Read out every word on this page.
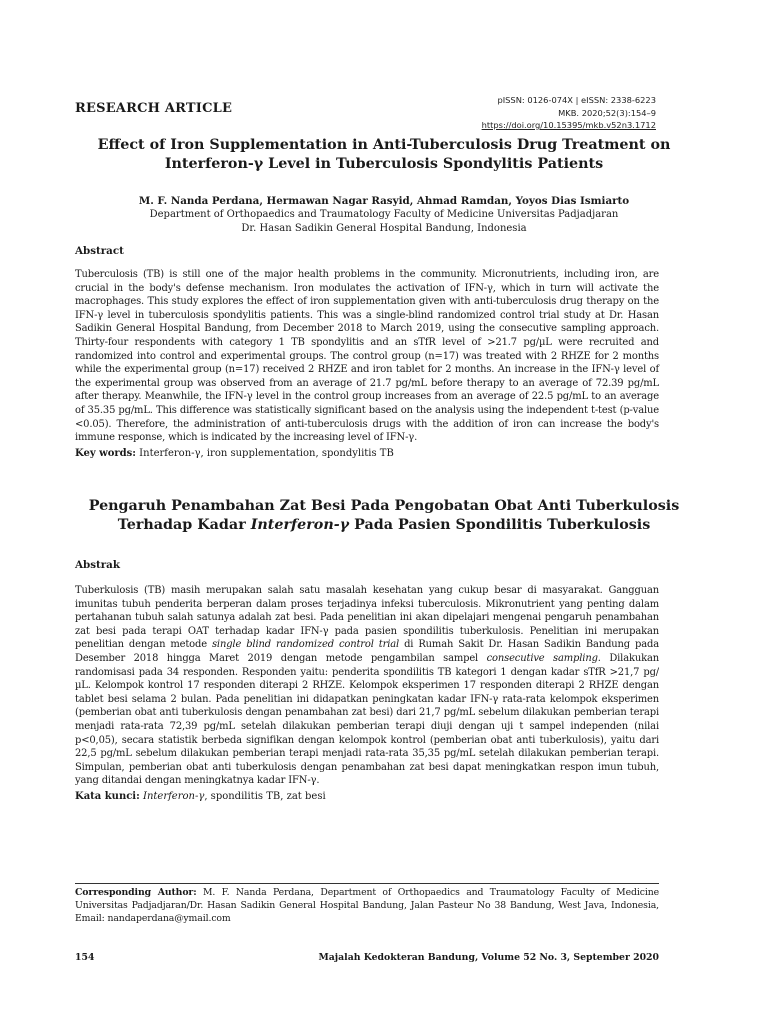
pISSN: 0126-074X | eISSN: 2338-6223
MKB. 2020;52(3):154–9
https://doi.org/10.15395/mkb.v52n3.1712
RESEARCH ARTICLE
Effect of Iron Supplementation in Anti-Tuberculosis Drug Treatment on
Interferon-γ Level in Tuberculosis Spondylitis Patients
M. F. Nanda Perdana, Hermawan Nagar Rasyid, Ahmad Ramdan, Yoyos Dias Ismiarto
Department of Orthopaedics and Traumatology Faculty of Medicine Universitas Padjadjaran
Dr. Hasan Sadikin General Hospital Bandung, Indonesia
Abstract
Tuberculosis (TB) is still one of the major health problems in the community. Micronutrients, including iron, are crucial in the body's defense mechanism. Iron modulates the activation of IFN-γ, which in turn will activate the macrophages. This study explores the effect of iron supplementation given with anti-tuberculosis drug therapy on the IFN-γ level in tuberculosis spondylitis patients. This was a single-blind randomized control trial study at Dr. Hasan Sadikin General Hospital Bandung, from December 2018 to March 2019, using the consecutive sampling approach. Thirty-four respondents with category 1 TB spondylitis and an sTfR level of >21.7 pg/µL were recruited and randomized into control and experimental groups. The control group (n=17) was treated with 2 RHZE for 2 months while the experimental group (n=17) received 2 RHZE and iron tablet for 2 months. An increase in the IFN-γ level of the experimental group was observed from an average of 21.7 pg/mL before therapy to an average of 72.39 pg/mL after therapy. Meanwhile, the IFN-γ level in the control group increases from an average of 22.5 pg/mL to an average of 35.35 pg/mL. This difference was statistically significant based on the analysis using the independent t-test (p-value <0.05). Therefore, the administration of anti-tuberculosis drugs with the addition of iron can increase the body's immune response, which is indicated by the increasing level of IFN-γ.
Key words: Interferon-γ, iron supplementation, spondylitis TB
Pengaruh Penambahan Zat Besi Pada Pengobatan Obat Anti Tuberkulosis
Terhadap Kadar Interferon-γ Pada Pasien Spondilitis Tuberkulosis
Abstrak
Tuberkulosis (TB) masih merupakan salah satu masalah kesehatan yang cukup besar di masyarakat. Gangguan imunitas tubuh penderita berperan dalam proses terjadinya infeksi tuberculosis. Mikronutrient yang penting dalam pertahanan tubuh salah satunya adalah zat besi. Pada penelitian ini akan dipelajari mengenai pengaruh penambahan zat besi pada terapi OAT terhadap kadar IFN-γ pada pasien spondilitis tuberkulosis. Penelitian ini merupakan penelitian dengan metode single blind randomized control trial di Rumah Sakit Dr. Hasan Sadikin Bandung pada Desember 2018 hingga Maret 2019 dengan metode pengambilan sampel consecutive sampling. Dilakukan randomisasi pada 34 responden. Responden yaitu: penderita spondilitis TB kategori 1 dengan kadar sTfR >21,7 pg/µL. Kelompok kontrol 17 responden diterapi 2 RHZE. Kelompok eksperimen 17 responden diterapi 2 RHZE dengan tablet besi selama 2 bulan. Pada penelitian ini didapatkan peningkatan kadar IFN-γ rata-rata kelompok eksperimen (pemberian obat anti tuberkulosis dengan penambahan zat besi) dari 21,7 pg/mL sebelum dilakukan pemberian terapi menjadi rata-rata 72,39 pg/mL setelah dilakukan pemberian terapi diuji dengan uji t sampel independen (nilai p<0,05), secara statistik berbeda signifikan dengan kelompok kontrol (pemberian obat anti tuberkulosis), yaitu dari 22,5 pg/mL sebelum dilakukan pemberian terapi menjadi rata-rata 35,35 pg/mL setelah dilakukan pemberian terapi. Simpulan, pemberian obat anti tuberkulosis dengan penambahan zat besi dapat meningkatkan respon imun tubuh, yang ditandai dengan meningkatnya kadar IFN-γ.
Kata kunci: Interferon-γ, spondilitis TB, zat besi
Corresponding Author: M. F. Nanda Perdana, Department of Orthopaedics and Traumatology Faculty of Medicine Universitas Padjadjaran/Dr. Hasan Sadikin General Hospital Bandung, Jalan Pasteur No 38 Bandung, West Java, Indonesia, Email: nandaperdana@ymail.com
154	Majalah Kedokteran Bandung, Volume 52 No. 3, September 2020
